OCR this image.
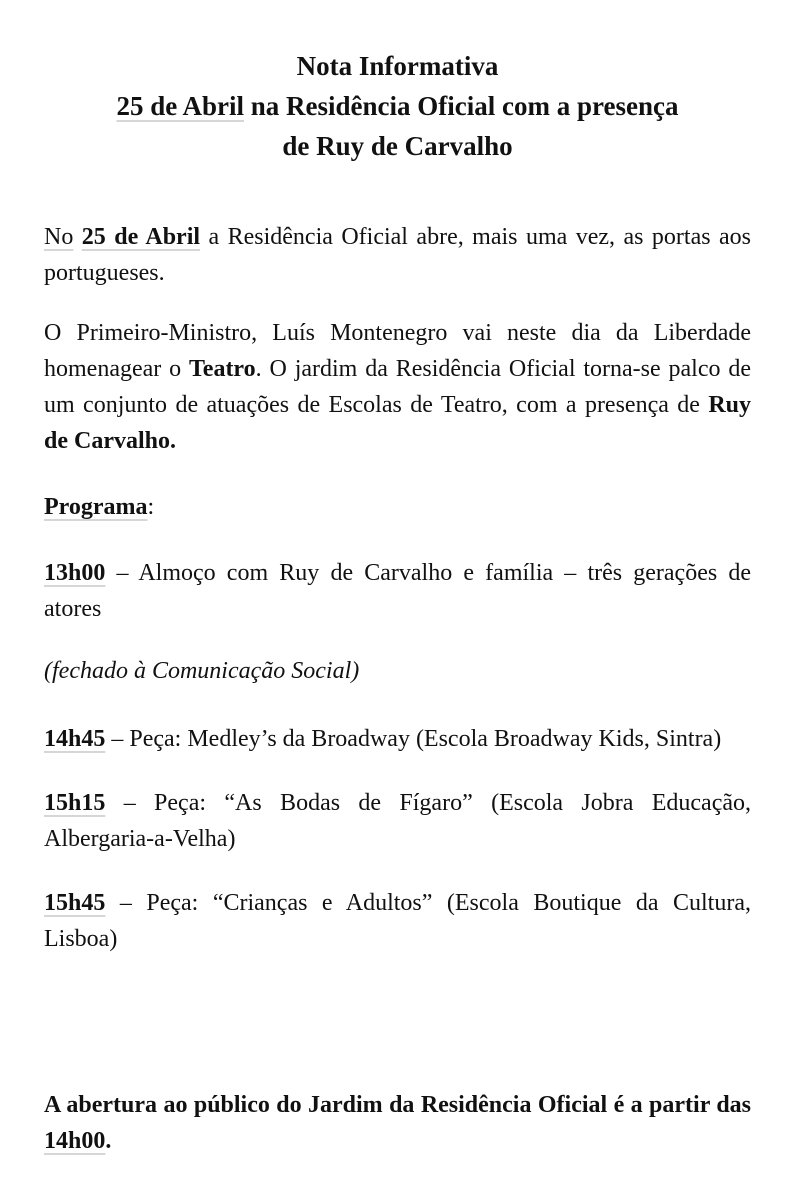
Nota Informativa
25 de Abril na Residência Oficial com a presença
de Ruy de Carvalho

No 25 de Abril a Residência Oficial abre, mais uma vez, as portas aos portugueses.

O Primeiro-Ministro, Luís Montenegro vai neste dia da Liberdade homenagear o Teatro. O jardim da Residência Oficial torna-se palco de um conjunto de atuações de Escolas de Teatro, com a presença de Ruy de Carvalho.

Programa:

13h00 – Almoço com Ruy de Carvalho e família – três gerações de atores

(fechado à Comunicação Social)

14h45 – Peça: Medley’s da Broadway (Escola Broadway Kids, Sintra)

15h15 – Peça: “As Bodas de Fígaro” (Escola Jobra Educação, Albergaria-a-Velha)

15h45 – Peça: “Crianças e Adultos” (Escola Boutique da Cultura, Lisboa)

A abertura ao público do Jardim da Residência Oficial é a partir das 14h00.
